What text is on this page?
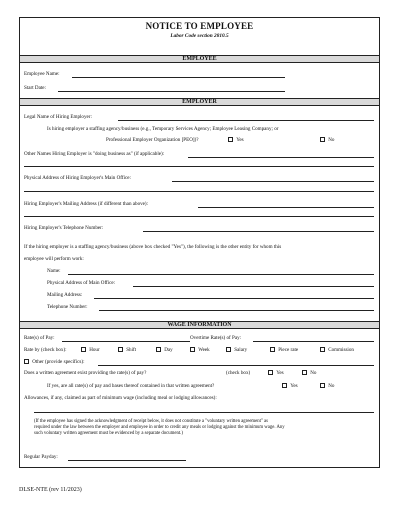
NOTICE TO EMPLOYEE
Labor Code section 2810.5
EMPLOYEE
Employee Name:
Start Date:
EMPLOYER
Legal Name of Hiring Employer:
Is hiring employer a staffing agency/business (e.g., Temporary Services Agency; Employee Leasing Company; or
Professional Employer Organization [PEO])?	Yes	No
Other Names Hiring Employer is "doing business as" (if applicable):
Physical Address of Hiring Employer's Main Office:
Hiring Employer's Mailing Address (if different than above):
Hiring Employer's Telephone Number:
If the hiring employer is a staffing agency/business (above box checked "Yes"), the following is the other entity for whom this
employee will perform work:
Name:
Physical Address of Main Office:
Mailing Address:
Telephone Number:
WAGE INFORMATION
Rate(s) of Pay:	Overtime Rate(s) of Pay:
Rate by (check box):	Hour	Shift	Day	Week	Salary	Piece rate	Commission
Other (provide specifics):
Does a written agreement exist providing the rate(s) of pay?	(check box)	Yes	No
If yes, are all rate(s) of pay and bases thereof contained in that written agreement?	Yes	No
Allowances, if any, claimed as part of minimum wage (including meal or lodging allowances):
(If the employee has signed the acknowledgment of receipt below, it does not constitute a "voluntary written agreement" as
required under the law between the employer and employee in order to credit any meals or lodging against the minimum wage. Any
such voluntary written agreement must be evidenced by a separate document.)
Regular Payday:
DLSE-NTE (rev 11/2023)
